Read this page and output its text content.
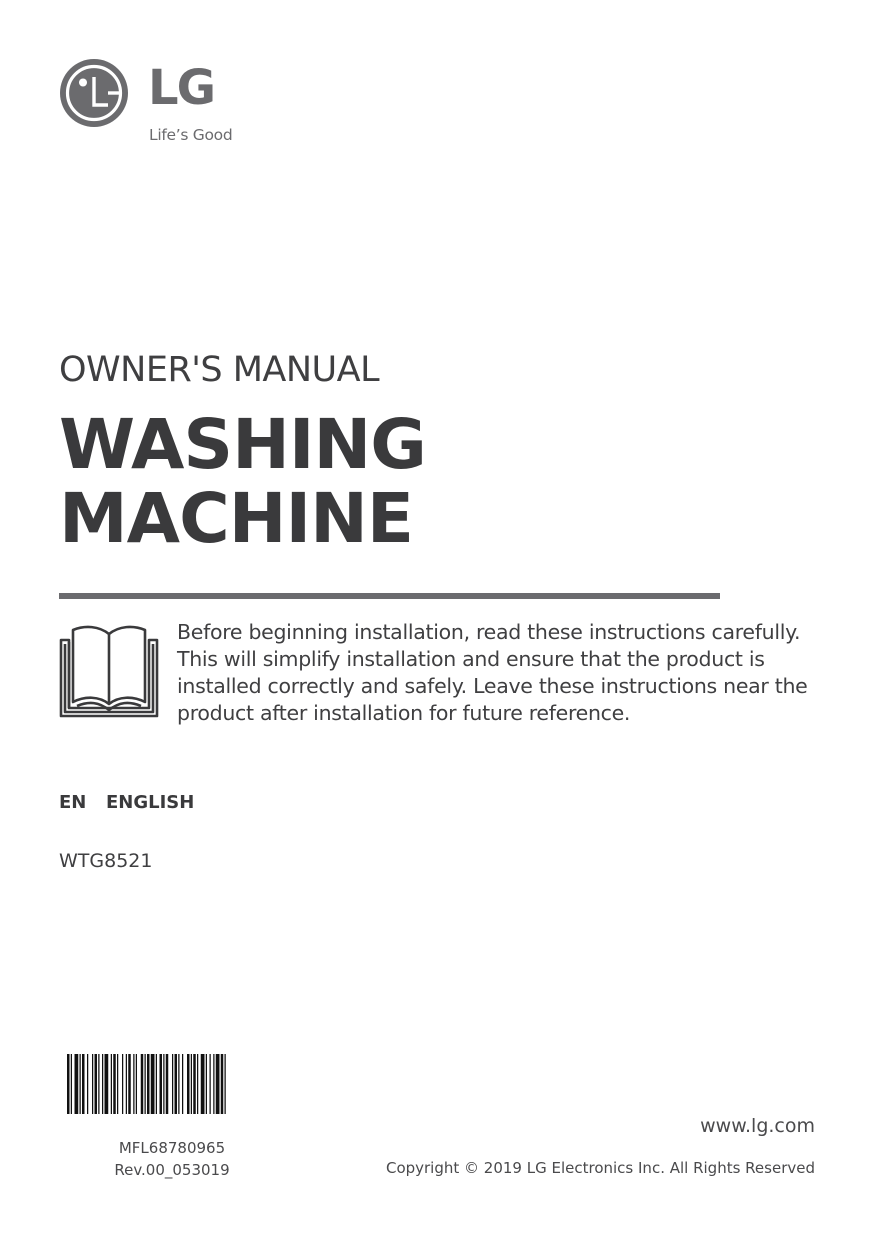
LG
Life’s Good
OWNER'S MANUAL
WASHING
MACHINE

Before beginning installation, read these instructions carefully. This will simplify installation and ensure that the product is installed correctly and safely. Leave these instructions near the product after installation for future reference.

EN ENGLISH
WTG8521
MFL68780965
Rev.00_053019
www.lg.com
Copyright © 2019 LG Electronics Inc. All Rights Reserved
